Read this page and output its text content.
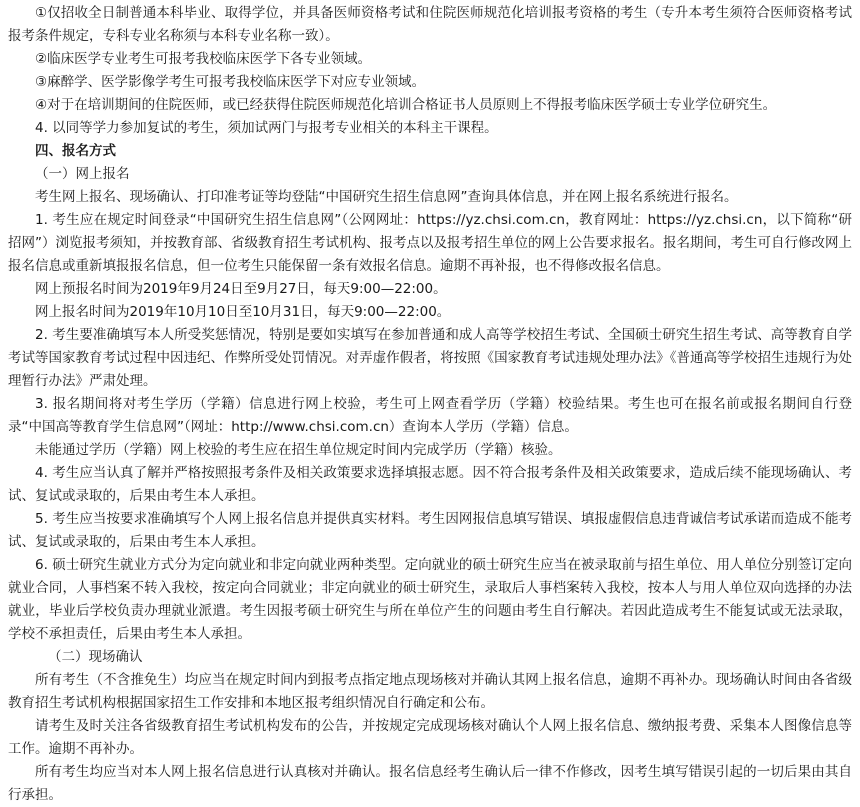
①仅招收全日制普通本科毕业、取得学位，并具备医师资格考试和住院医师规范化培训报考资格的考生（专升本考生须符合医师资格考试报考条件规定，专科专业名称须与本科专业名称一致）。

②临床医学专业考生可报考我校临床医学下各专业领域。

③麻醉学、医学影像学考生可报考我校临床医学下对应专业领域。

④对于在培训期间的住院医师，或已经获得住院医师规范化培训合格证书人员原则上不得报考临床医学硕士专业学位研究生。

4. 以同等学力参加复试的考生，须加试两门与报考专业相关的本科主干课程。

四、报名方式

（一）网上报名

考生网上报名、现场确认、打印准考证等均登陆“中国研究生招生信息网”查询具体信息，并在网上报名系统进行报名。

1. 考生应在规定时间登录“中国研究生招生信息网”（公网网址：https://yz.chsi.com.cn，教育网址：https://yz.chsi.cn，以下简称“研招网”）浏览报考须知，并按教育部、省级教育招生考试机构、报考点以及报考招生单位的网上公告要求报名。报名期间，考生可自行修改网上报名信息或重新填报报名信息，但一位考生只能保留一条有效报名信息。逾期不再补报，也不得修改报名信息。

网上预报名时间为2019年9月24日至9月27日，每天9:00—22:00。

网上报名时间为2019年10月10日至10月31日，每天9:00—22:00。

2. 考生要准确填写本人所受奖惩情况，特别是要如实填写在参加普通和成人高等学校招生考试、全国硕士研究生招生考试、高等教育自学考试等国家教育考试过程中因违纪、作弊所受处罚情况。对弄虚作假者，将按照《国家教育考试违规处理办法》《普通高等学校招生违规行为处理暂行办法》严肃处理。

3. 报名期间将对考生学历（学籍）信息进行网上校验，考生可上网查看学历（学籍）校验结果。考生也可在报名前或报名期间自行登录“中国高等教育学生信息网”（网址：http://www.chsi.com.cn）查询本人学历（学籍）信息。

未能通过学历（学籍）网上校验的考生应在招生单位规定时间内完成学历（学籍）核验。

4. 考生应当认真了解并严格按照报考条件及相关政策要求选择填报志愿。因不符合报考条件及相关政策要求，造成后续不能现场确认、考试、复试或录取的，后果由考生本人承担。

5. 考生应当按要求准确填写个人网上报名信息并提供真实材料。考生因网报信息填写错误、填报虚假信息违背诚信考试承诺而造成不能考试、复试或录取的，后果由考生本人承担。

6. 硕士研究生就业方式分为定向就业和非定向就业两种类型。定向就业的硕士研究生应当在被录取前与招生单位、用人单位分别签订定向就业合同，人事档案不转入我校，按定向合同就业；非定向就业的硕士研究生，录取后人事档案转入我校，按本人与用人单位双向选择的办法就业，毕业后学校负责办理就业派遣。考生因报考硕士研究生与所在单位产生的问题由考生自行解决。若因此造成考生不能复试或无法录取，学校不承担责任，后果由考生本人承担。

（二）现场确认

所有考生（不含推免生）均应当在规定时间内到报考点指定地点现场核对并确认其网上报名信息，逾期不再补办。现场确认时间由各省级教育招生考试机构根据国家招生工作安排和本地区报考组织情况自行确定和公布。

请考生及时关注各省级教育招生考试机构发布的公告，并按规定完成现场核对确认个人网上报名信息、缴纳报考费、采集本人图像信息等工作。逾期不再补办。

所有考生均应当对本人网上报名信息进行认真核对并确认。报名信息经考生确认后一律不作修改，因考生填写错误引起的一切后果由其自行承担。
